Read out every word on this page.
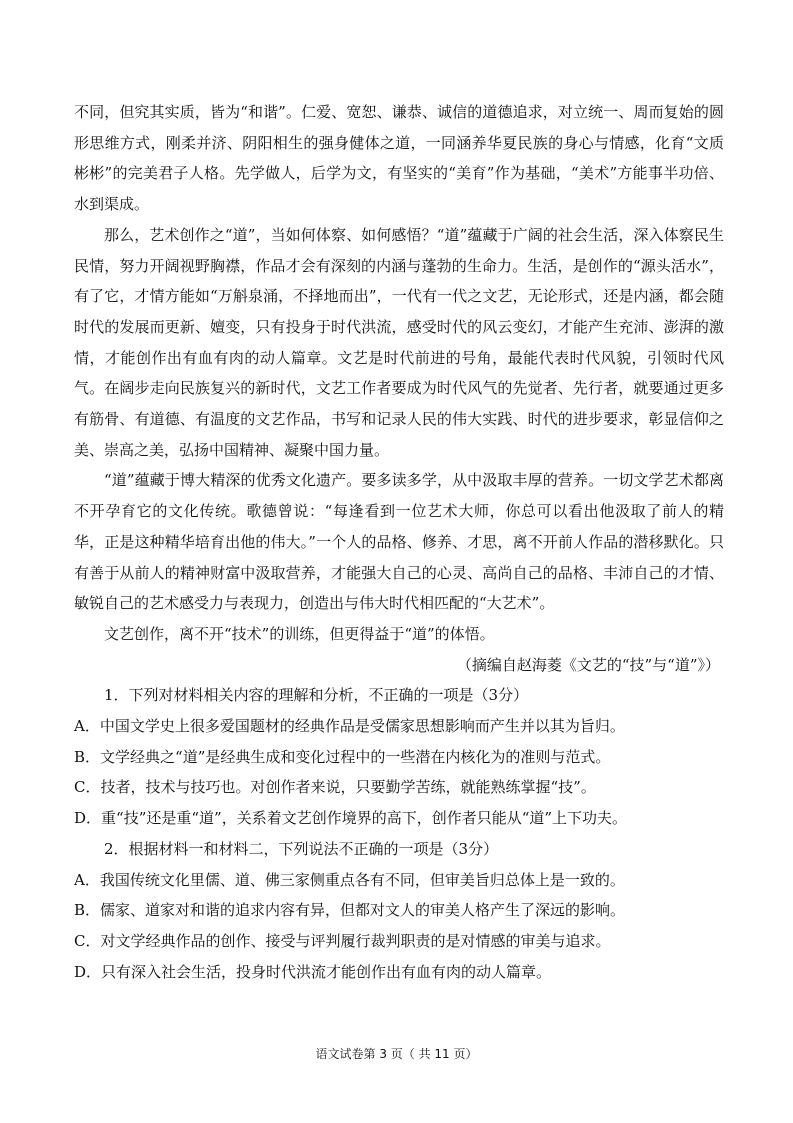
不同，但究其实质，皆为“和谐”。仁爱、宽恕、谦恭、诚信的道德追求，对立统一、周而复始的圆形思维方式，刚柔并济、阴阳相生的强身健体之道，一同涵养华夏民族的身心与情感，化育“文质彬彬”的完美君子人格。先学做人，后学为文，有坚实的“美育”作为基础，“美术”方能事半功倍、水到渠成。

那么，艺术创作之“道”，当如何体察、如何感悟？“道”蕴藏于广阔的社会生活，深入体察民生民情，努力开阔视野胸襟，作品才会有深刻的内涵与蓬勃的生命力。生活，是创作的“源头活水”，有了它，才情方能如“万斛泉涌，不择地而出”，一代有一代之文艺，无论形式，还是内涵，都会随时代的发展而更新、嬗变，只有投身于时代洪流，感受时代的风云变幻，才能产生充沛、澎湃的激情，才能创作出有血有肉的动人篇章。文艺是时代前进的号角，最能代表时代风貌，引领时代风气。在阔步走向民族复兴的新时代，文艺工作者要成为时代风气的先觉者、先行者，就要通过更多有筋骨、有道德、有温度的文艺作品，书写和记录人民的伟大实践、时代的进步要求，彰显信仰之美、崇高之美，弘扬中国精神、凝聚中国力量。

“道”蕴藏于博大精深的优秀文化遗产。要多读多学，从中汲取丰厚的营养。一切文学艺术都离不开孕育它的文化传统。歌德曾说：“每逢看到一位艺术大师，你总可以看出他汲取了前人的精华，正是这种精华培育出他的伟大。”一个人的品格、修养、才思，离不开前人作品的潜移默化。只有善于从前人的精神财富中汲取营养，才能强大自己的心灵、高尚自己的品格、丰沛自己的才情、敏锐自己的艺术感受力与表现力，创造出与伟大时代相匹配的“大艺术”。

文艺创作，离不开“技术”的训练，但更得益于“道”的体悟。

（摘编自赵海菱《文艺的“技”与“道”》）

1．下列对材料相关内容的理解和分析，不正确的一项是（3分）

A．中国文学史上很多爱国题材的经典作品是受儒家思想影响而产生并以其为旨归。

B．文学经典之“道”是经典生成和变化过程中的一些潜在内核化为的准则与范式。

C．技者，技术与技巧也。对创作者来说，只要勤学苦练，就能熟练掌握“技”。

D．重“技”还是重“道”，关系着文艺创作境界的高下，创作者只能从“道”上下功夫。

2．根据材料一和材料二，下列说法不正确的一项是（3分）

A．我国传统文化里儒、道、佛三家侧重点各有不同，但审美旨归总体上是一致的。

B．儒家、道家对和谐的追求内容有异，但都对文人的审美人格产生了深远的影响。

C．对文学经典作品的创作、接受与评判履行裁判职责的是对情感的审美与追求。

D．只有深入社会生活，投身时代洪流才能创作出有血有肉的动人篇章。

语文试卷第 3 页（ 共 11 页）
